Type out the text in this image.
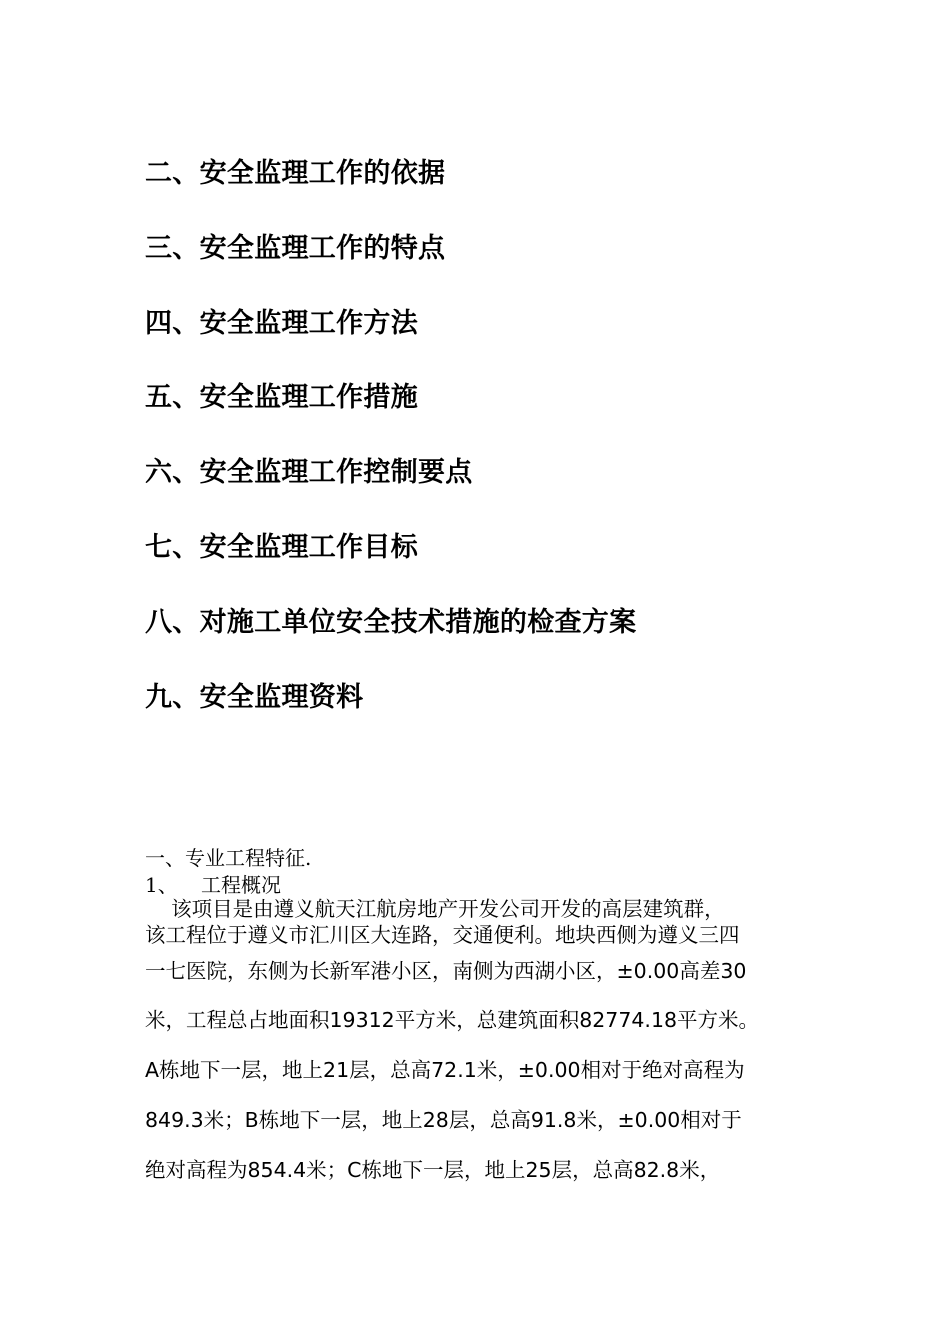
二、安全监理工作的依据
三、安全监理工作的特点
四、安全监理工作方法
五、安全监理工作措施
六、安全监理工作控制要点
七、安全监理工作目标
八、对施工单位安全技术措施的检查方案
九、安全监理资料
一、专业工程特征.
1、 工程概况
该项目是由遵义航天江航房地产开发公司开发的高层建筑群，
该工程位于遵义市汇川区大连路，交通便利。地块西侧为遵义三四
一七医院，东侧为长新军港小区，南侧为西湖小区，±0.00高差30
米，工程总占地面积19312平方米，总建筑面积82774.18平方米。
A栋地下一层，地上21层，总高72.1米，±0.00相对于绝对高程为
849.3米；B栋地下一层，地上28层，总高91.8米，±0.00相对于
绝对高程为854.4米；C栋地下一层，地上25层，总高82.8米，
